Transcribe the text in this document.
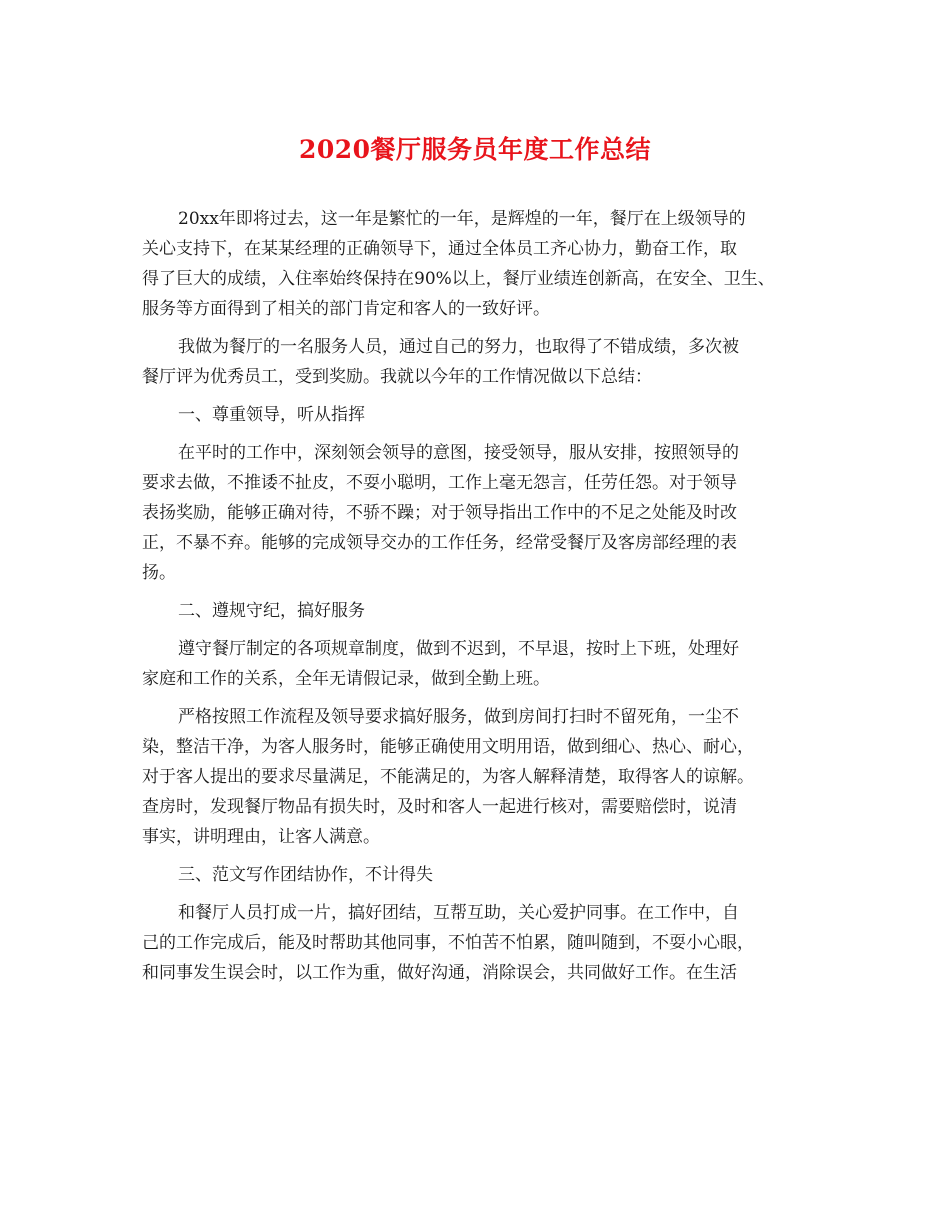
2020餐厅服务员年度工作总结
20xx年即将过去，这一年是繁忙的一年，是辉煌的一年，餐厅在上级领导的
关心支持下，在某某经理的正确领导下，通过全体员工齐心协力，勤奋工作，取
得了巨大的成绩，入住率始终保持在90%以上，餐厅业绩连创新高，在安全、卫生、
服务等方面得到了相关的部门肯定和客人的一致好评。
我做为餐厅的一名服务人员，通过自己的努力，也取得了不错成绩，多次被
餐厅评为优秀员工，受到奖励。我就以今年的工作情况做以下总结：
一、尊重领导，听从指挥
在平时的工作中，深刻领会领导的意图，接受领导，服从安排，按照领导的
要求去做，不推诿不扯皮，不耍小聪明，工作上毫无怨言，任劳任怨。对于领导
表扬奖励，能够正确对待，不骄不躁；对于领导指出工作中的不足之处能及时改
正，不暴不弃。能够的完成领导交办的工作任务，经常受餐厅及客房部经理的表
扬。
二、遵规守纪，搞好服务
遵守餐厅制定的各项规章制度，做到不迟到，不早退，按时上下班，处理好
家庭和工作的关系，全年无请假记录，做到全勤上班。
严格按照工作流程及领导要求搞好服务，做到房间打扫时不留死角，一尘不
染，整洁干净，为客人服务时，能够正确使用文明用语，做到细心、热心、耐心，
对于客人提出的要求尽量满足，不能满足的，为客人解释清楚，取得客人的谅解。
查房时，发现餐厅物品有损失时，及时和客人一起进行核对，需要赔偿时，说清
事实，讲明理由，让客人满意。
三、范文写作团结协作，不计得失
和餐厅人员打成一片，搞好团结，互帮互助，关心爱护同事。在工作中，自
己的工作完成后，能及时帮助其他同事，不怕苦不怕累，随叫随到，不耍小心眼，
和同事发生误会时，以工作为重，做好沟通，消除误会，共同做好工作。在生活
